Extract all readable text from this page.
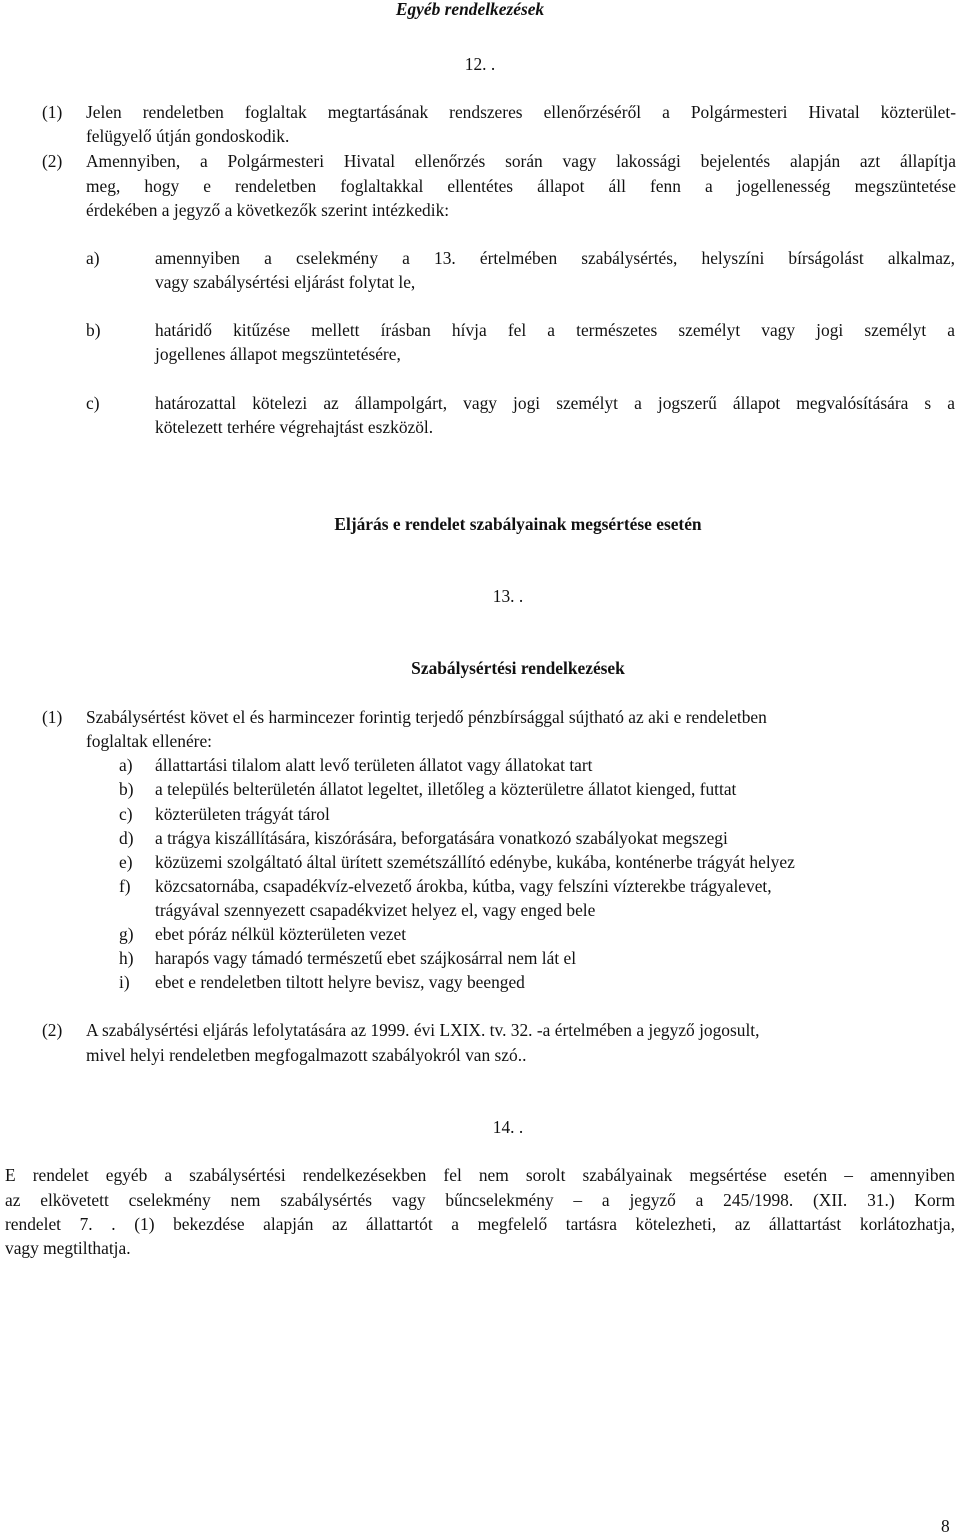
Egyéb rendelkezések
12. .
(1) Jelen rendeletben foglaltak megtartásának rendszeres ellenőrzéséről a Polgármesteri Hivatal közterület-
felügyelő útján gondoskodik.
(2) Amennyiben, a Polgármesteri Hivatal ellenőrzés során vagy lakossági bejelentés alapján azt állapítja
meg, hogy e rendeletben foglaltakkal ellentétes állapot áll fenn a jogellenesség megszüntetése
érdekében a jegyző a következők szerint intézkedik:
a)	amennyiben a cselekmény a 13. értelmében szabálysértés, helyszíni bírságolást alkalmaz,
vagy szabálysértési eljárást folytat le,
b)	határidő kitűzése mellett írásban hívja fel a természetes személyt vagy jogi személyt a
jogellenes állapot megszüntetésére,
c)	határozattal kötelezi az állampolgárt, vagy jogi személyt a jogszerű állapot megvalósítására s a
kötelezett terhére végrehajtást eszközöl.
Eljárás e rendelet szabályainak megsértése esetén
13. .
Szabálysértési rendelkezések
(1) Szabálysértést követ el és harmincezer forintig terjedő pénzbírsággal sújtható az aki e rendeletben
foglaltak ellenére:
a) állattartási tilalom alatt levő területen állatot vagy állatokat tart
b) a település belterületén állatot legeltet, illetőleg a közterületre állatot kienged, futtat
c) közterületen trágyát tárol
d) a trágya kiszállítására, kiszórására, beforgatására vonatkozó szabályokat megszegi
e) közüzemi szolgáltató által ürített szemétszállító edénybe, kukába, konténerbe trágyát helyez
f) közcsatornába, csapadékvíz-elvezető árokba, kútba, vagy felszíni vízterekbe trágyalevet,
trágyával szennyezett csapadékvizet helyez el, vagy enged bele
g) ebet póráz nélkül közterületen vezet
h) harapós vagy támadó természetű ebet szájkosárral nem lát el
i) ebet e rendeletben tiltott helyre bevisz, vagy beenged
(2) A szabálysértési eljárás lefolytatására az 1999. évi LXIX. tv. 32. -a értelmében a jegyző jogosult,
mivel helyi rendeletben megfogalmazott szabályokról van szó..
14. .
E rendelet egyéb a szabálysértési rendelkezésekben fel nem sorolt szabályainak megsértése esetén – amennyiben
az elkövetett cselekmény nem szabálysértés vagy bűncselekmény – a jegyző a 245/1998. (XII. 31.) Korm
rendelet 7. . (1) bekezdése alapján az állattartót a megfelelő tartásra kötelezheti, az állattartást korlátozhatja,
vagy megtilthatja.
8
